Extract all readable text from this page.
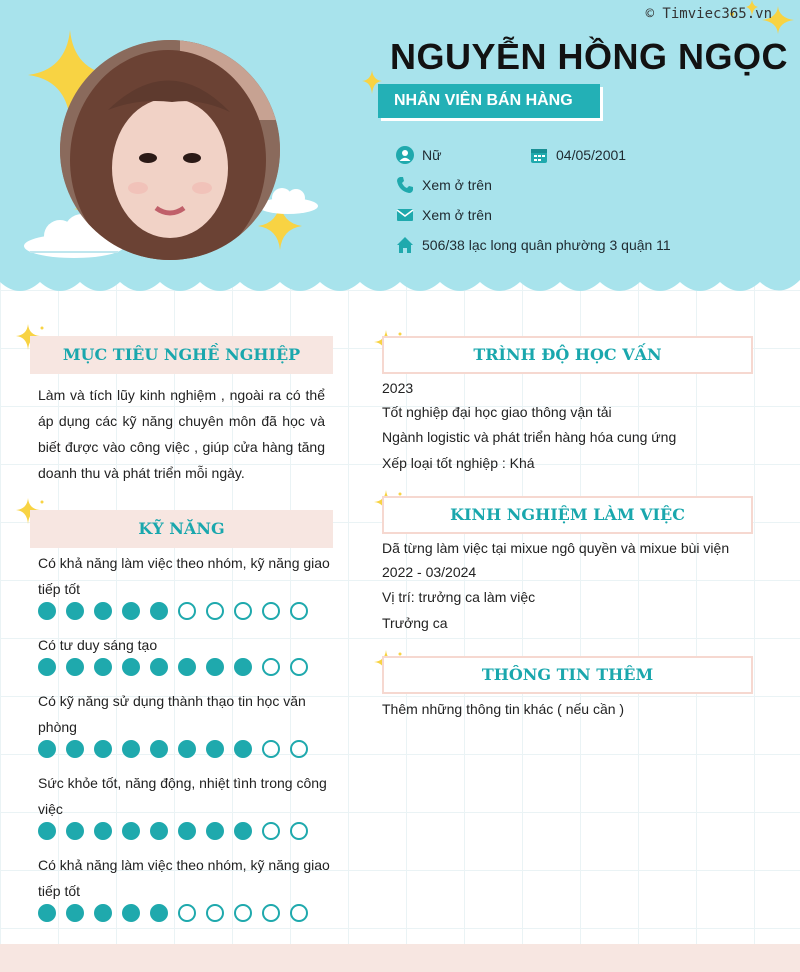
NGUYỄN HỒNG NGỌC
NHÂN VIÊN BÁN HÀNG
Nữ	04/05/2001
Xem ở trên
Xem ở trên
506/38 lạc long quân phường 3 quận 11
MỤC TIÊU NGHỀ NGHIỆP
Làm và tích lũy kinh nghiệm , ngoài ra có thể áp dụng các kỹ năng chuyên môn đã học và biết được vào công việc , giúp cửa hàng tăng doanh thu và phát triển mỗi ngày.
KỸ NĂNG
Có khả năng làm việc theo nhóm, kỹ năng giao tiếp tốt
Có tư duy sáng tạo
Có kỹ năng sử dụng thành thạo tin học văn phòng
Sức khỏe tốt, năng động, nhiệt tình trong công việc
Có khả năng làm việc theo nhóm, kỹ năng giao tiếp tốt
TRÌNH ĐỘ HỌC VẤN
2023
Tốt nghiệp đại học giao thông vận tải
Ngành logistic và phát triển hàng hóa cung ứng
Xếp loại tốt nghiệp : Khá
KINH NGHIỆM LÀM VIỆC
Dã từng làm việc tại mixue ngô quyền và mixue bùi viện
2022 - 03/2024
Vị trí: trưởng ca làm việc
Trưởng ca
THÔNG TIN THÊM
Thêm những thông tin khác ( nếu cần )
© Timviec365.vn
